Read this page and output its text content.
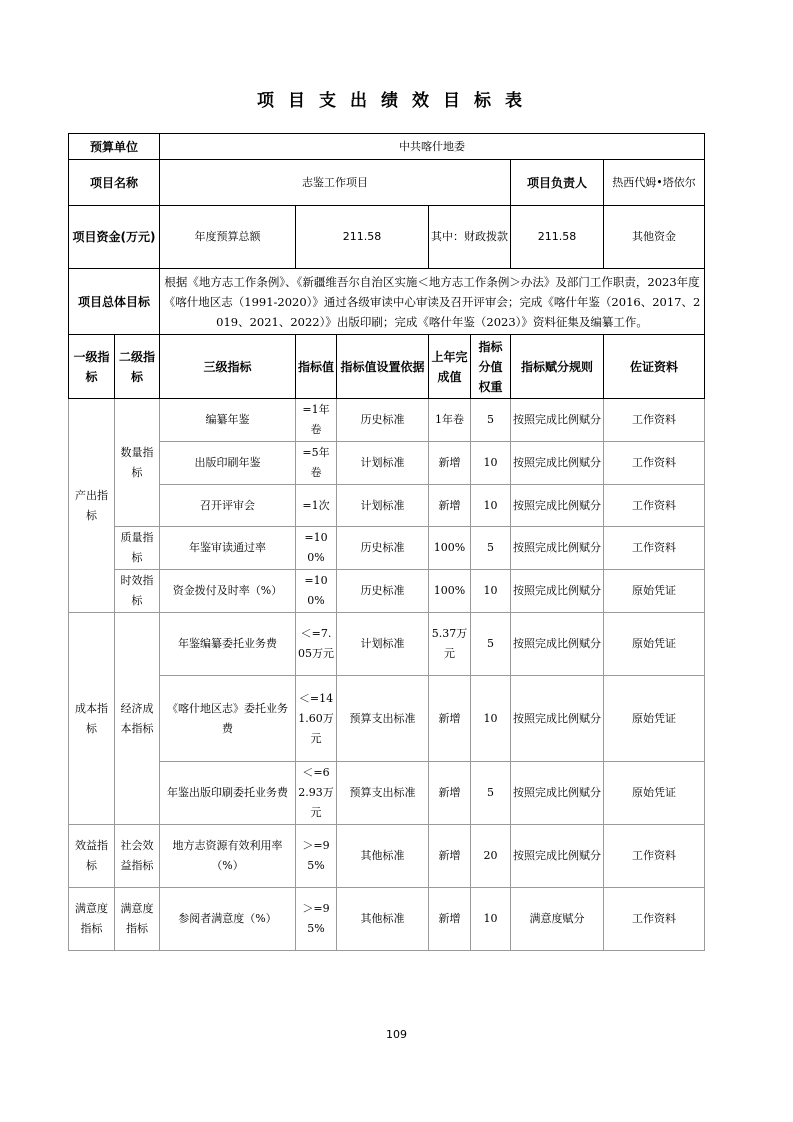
项目支出绩效目标表
预算单位		中共喀什地委							
项目名称		志鉴工作项目					项目负责人	热西代姆•塔依尔	
项目资金(万元)		年度预算总额	211.58		其中：财政拨款		211.58	其他资金	
项目总体目标		根据《地方志工作条例》、《新疆维吾尔自治区实施＜地方志工作条例＞办法》及部门工作职责，2023年度《喀什地区志（1991-2020）》通过各级审读中心审读及召开评审会；完成《喀什年鉴（2016、2017、2019、2021、2022）》出版印刷；完成《喀什年鉴（2023）》资料征集及编纂工作。							
一级指标	二级指标	三级指标	指标值	指标值设置依据	上年完成值	指标分值权重	指标赋分规则	佐证资料	
产出指标	数量指标	编纂年鉴	=1年卷	历史标准	1年卷	5	按照完成比例赋分	工作资料	
		出版印刷年鉴	=5年卷	计划标准	新增	10	按照完成比例赋分	工作资料	
		召开评审会	=1次	计划标准	新增	10	按照完成比例赋分	工作资料	
	质量指标	年鉴审读通过率	=100%	历史标准	100%	5	按照完成比例赋分	工作资料	
	时效指标	资金拨付及时率（%）	=100%	历史标准	100%	10	按照完成比例赋分	原始凭证	
成本指标	经济成本指标	年鉴编纂委托业务费	＜=7.05万元	计划标准	5.37万元	5	按照完成比例赋分	原始凭证	
		《喀什地区志》委托业务费	＜=141.60万元	预算支出标准	新增	10	按照完成比例赋分	原始凭证	
		年鉴出版印刷委托业务费	＜=62.93万元	预算支出标准	新增	5	按照完成比例赋分	原始凭证	
效益指标	社会效益指标	地方志资源有效利用率（%）	＞=95%	其他标准	新增	20	按照完成比例赋分	工作资料	
满意度指标	满意度指标	参阅者满意度（%）	＞=95%	其他标准	新增	10	满意度赋分	工作资料	
109
